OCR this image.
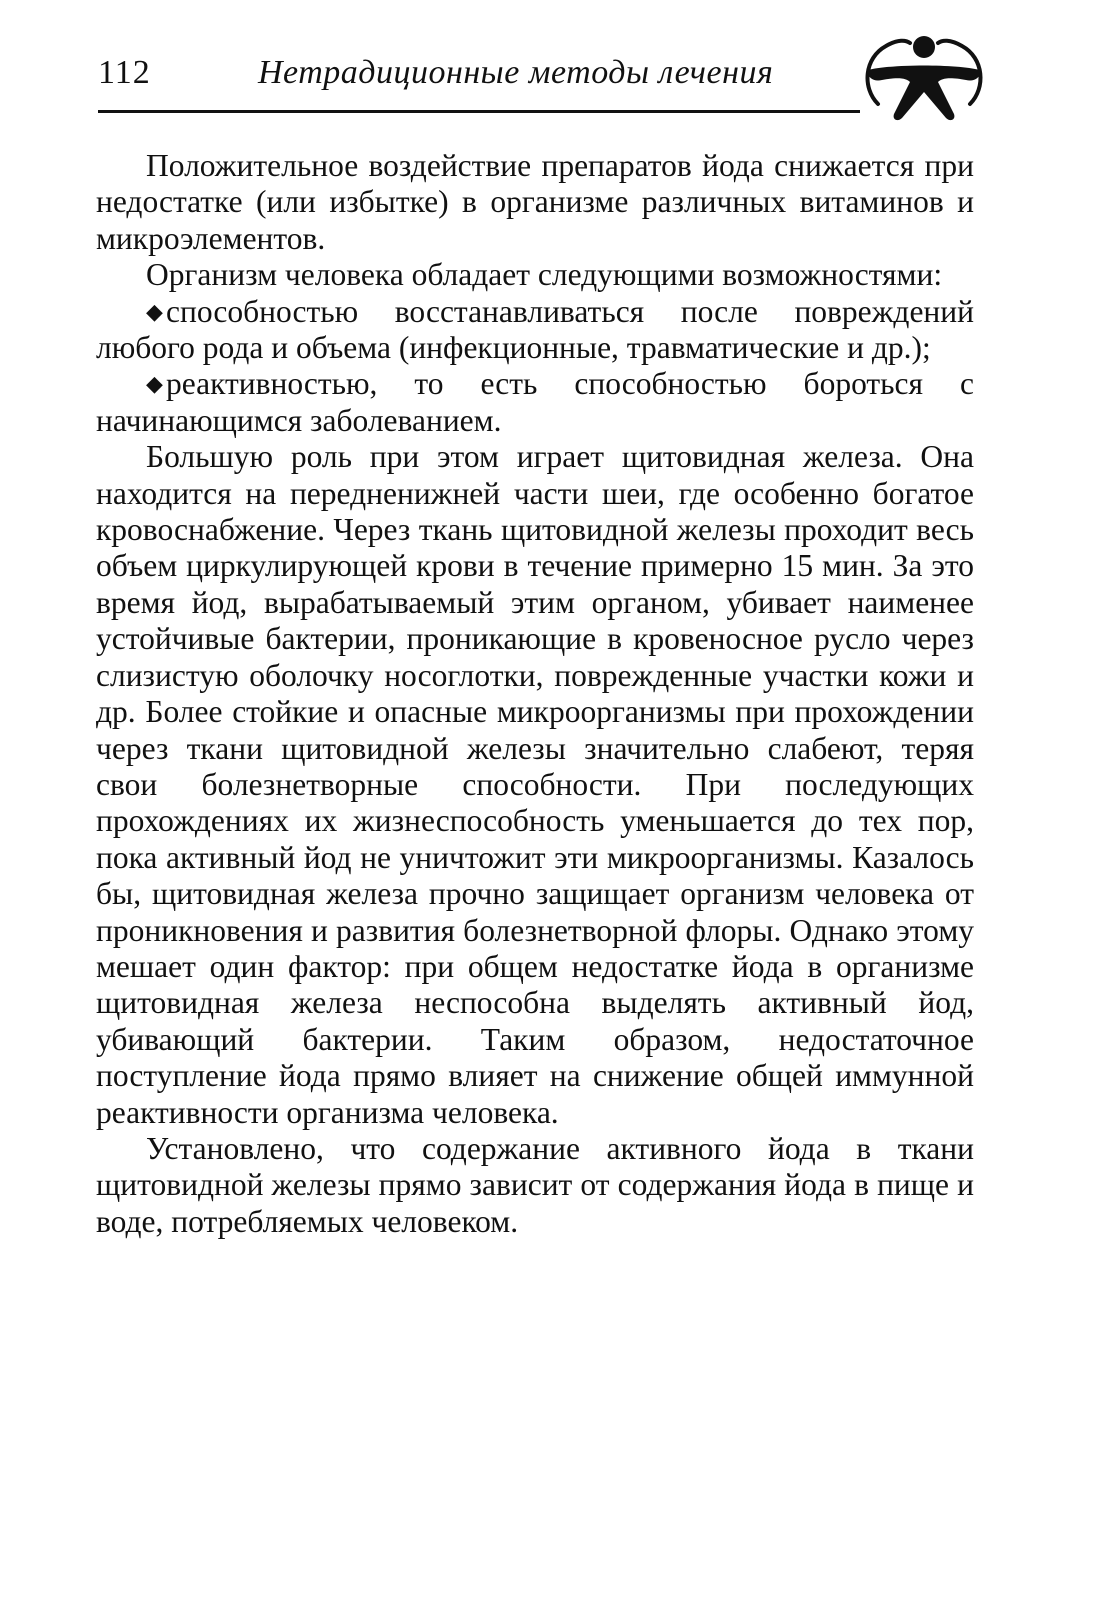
112	Нетрадиционные методы лечения

Положительное воздействие препаратов йода снижается при недостатке (или избытке) в организме различных витаминов и микроэлементов.

Организм человека обладает следующими возможностями:

◆способностью восстанавливаться после повреждений любого рода и объема (инфекционные, травматические и др.);

◆реактивностью, то есть способностью бороться с начинающимся заболеванием.

Большую роль при этом играет щитовидная железа. Она находится на передненижней части шеи, где особенно богатое кровоснабжение. Через ткань щитовидной железы проходит весь объем циркулирующей крови в течение примерно 15 мин. За это время йод, вырабатываемый этим органом, убивает наименее устойчивые бактерии, проникающие в кровеносное русло через слизистую оболочку носоглотки, поврежденные участки кожи и др. Более стойкие и опасные микроорганизмы при прохождении через ткани щитовидной железы значительно слабеют, теряя свои болезнетворные способности. При последующих прохождениях их жизнеспособность уменьшается до тех пор, пока активный йод не уничтожит эти микроорганизмы. Казалось бы, щитовидная железа прочно защищает организм человека от проникновения и развития болезнетворной флоры. Однако этому мешает один фактор: при общем недостатке йода в организме щитовидная железа неспособна выделять активный йод, убивающий бактерии. Таким образом, недостаточное поступление йода прямо влияет на снижение общей иммунной реактивности организма человека.

Установлено, что содержание активного йода в ткани щитовидной железы прямо зависит от содержания йода в пище и воде, потребляемых человеком.
